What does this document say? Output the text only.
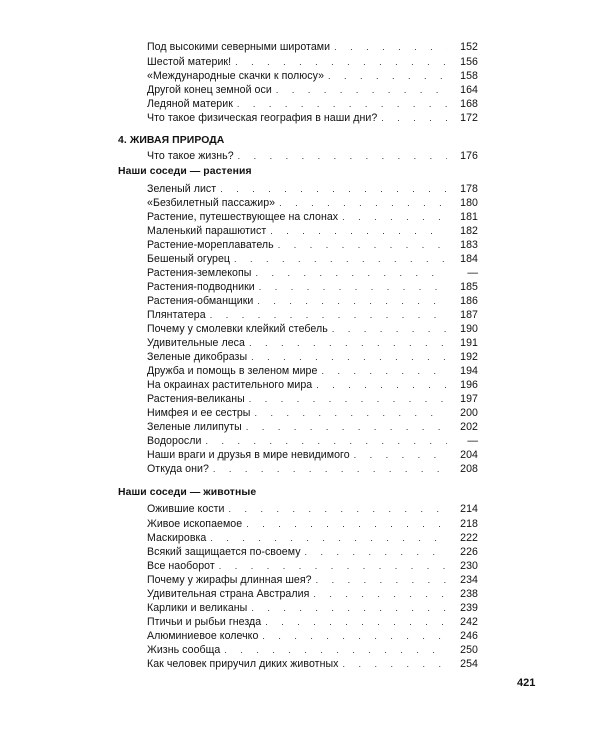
Под высокими северными широтами . . .	152
Шестой материк! . . .	156
«Международные скачки к полюсу» . . .	158
Другой конец земной оси . . .	164
Ледяной материк . . .	168
Что такое физическая география в наши дни? . . .	172
4. ЖИВАЯ ПРИРОДА
Что такое жизнь? . . .	176
Наши соседи — растения
Зеленый лист . . .	178
«Безбилетный пассажир» . . .	180
Растение, путешествующее на слонах . . .	181
Маленький парашютист . . .	182
Растение-мореплаватель . . .	183
Бешеный огурец . . .	184
Растения-землекопы . . .	—
Растения-подводники . . .	185
Растения-обманщики . . .	186
Плянтатера . . .	187
Почему у смолевки клейкий стебель . . .	190
Удивительные леса . . .	191
Зеленые дикобразы . . .	192
Дружба и помощь в зеленом мире . . .	194
На окраинах растительного мира . . .	196
Растения-великаны . . .	197
Нимфея и ее сестры . . .	200
Зеленые лилипуты . . .	202
Водоросли . . .	—
Наши враги и друзья в мире невидимого . . .	204
Откуда они? . . .	208
Наши соседи — животные
Ожившие кости . . .	214
Живое ископаемое . . .	218
Маскировка . . .	222
Всякий защищается по-своему . . .	226
Все наоборот . . .	230
Почему у жирафы длинная шея? . . .	234
Удивительная страна Австралия . . .	238
Карлики и великаны . . .	239
Птичьи и рыбьи гнезда . . .	242
Алюминиевое колечко . . .	246
Жизнь сообща . . .	250
Как человек приручил диких животных . . .	254
421
